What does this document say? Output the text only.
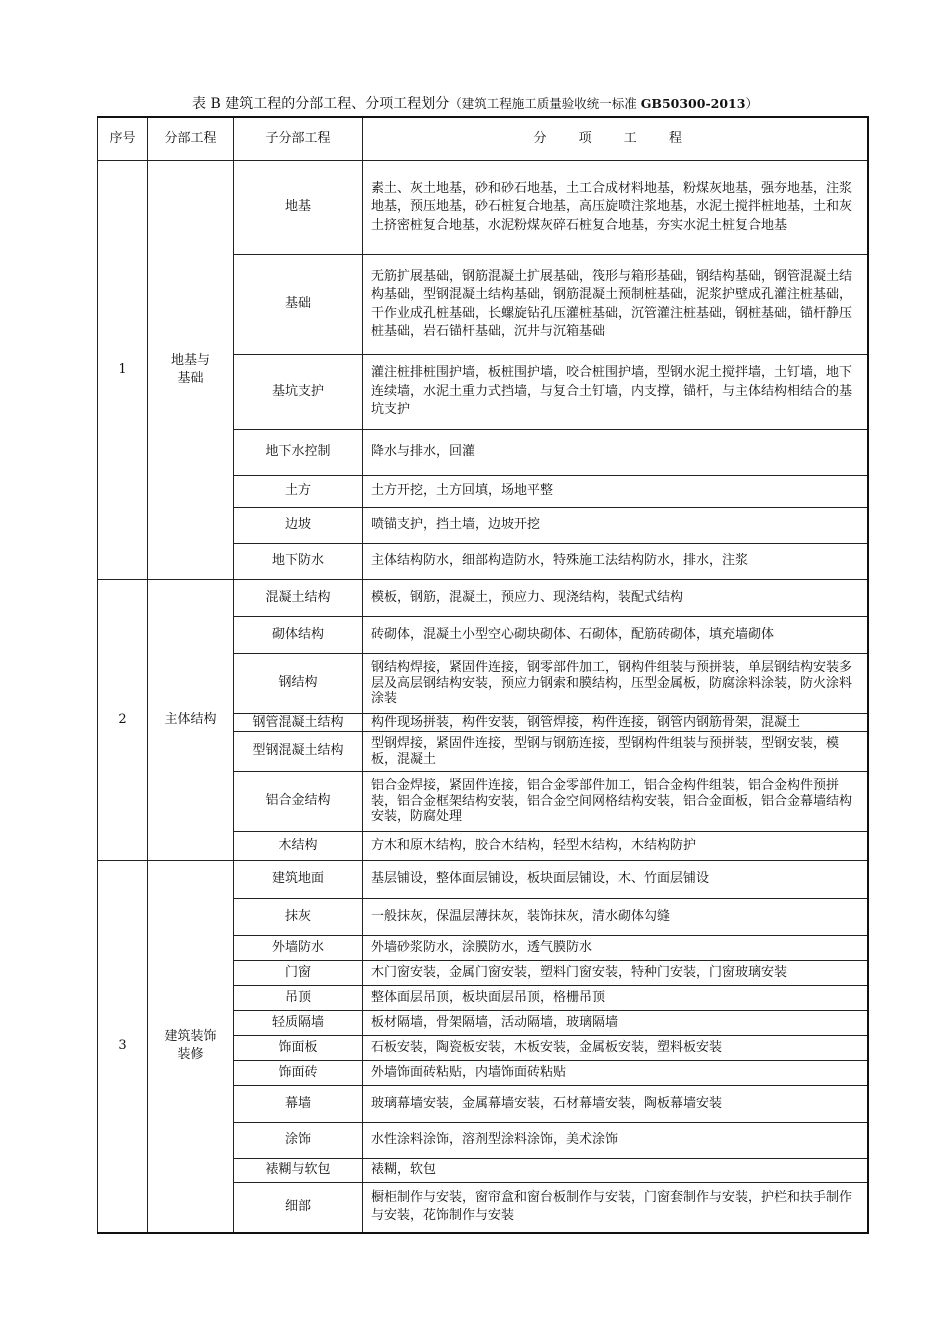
表 B 建筑工程的分部工程、分项工程划分（建筑工程施工质量验收统一标准 GB50300-2013）
序号	分部工程	子分部工程	分 项 工 程
1	地基与基础	地基	素土、灰土地基，砂和砂石地基，土工合成材料地基，粉煤灰地基，强夯地基，注浆地基，预压地基，砂石桩复合地基，高压旋喷注浆地基，水泥土搅拌桩地基，土和灰土挤密桩复合地基，水泥粉煤灰碎石桩复合地基，夯实水泥土桩复合地基
		基础	无筋扩展基础，钢筋混凝土扩展基础，筏形与箱形基础，钢结构基础，钢管混凝土结构基础，型钢混凝土结构基础，钢筋混凝土预制桩基础，泥浆护壁成孔灌注桩基础，干作业成孔桩基础，长螺旋钻孔压灌桩基础，沉管灌注桩基础，钢桩基础，锚杆静压桩基础，岩石锚杆基础，沉井与沉箱基础
		基坑支护	灌注桩排桩围护墙，板桩围护墙，咬合桩围护墙，型钢水泥土搅拌墙，土钉墙，地下连续墙，水泥土重力式挡墙，与复合土钉墙，内支撑，锚杆，与主体结构相结合的基坑支护
		地下水控制	降水与排水，回灌
		土方	土方开挖，土方回填，场地平整
		边坡	喷锚支护，挡土墙，边坡开挖
		地下防水	主体结构防水，细部构造防水，特殊施工法结构防水，排水，注浆
2	主体结构	混凝土结构	模板，钢筋，混凝土，预应力、现浇结构，装配式结构
		砌体结构	砖砌体，混凝土小型空心砌块砌体、石砌体，配筋砖砌体，填充墙砌体
		钢结构	钢结构焊接，紧固件连接，钢零部件加工，钢构件组装与预拼装，单层钢结构安装多层及高层钢结构安装，预应力钢索和膜结构，压型金属板，防腐涂料涂装，防火涂料涂装
		钢管混凝土结构	构件现场拼装，构件安装，钢管焊接，构件连接，钢管内钢筋骨架，混凝土
		型钢混凝土结构	型钢焊接，紧固件连接，型钢与钢筋连接，型钢构件组装与预拼装，型钢安装，模板，混凝土
		铝合金结构	铝合金焊接，紧固件连接，铝合金零部件加工，铝合金构件组装，铝合金构件预拼装，铝合金框架结构安装，铝合金空间网格结构安装，铝合金面板，铝合金幕墙结构安装，防腐处理
		木结构	方木和原木结构，胶合木结构，轻型木结构，木结构防护
3	建筑装饰装修	建筑地面	基层铺设，整体面层铺设，板块面层铺设，木、竹面层铺设
		抹灰	一般抹灰，保温层薄抹灰，装饰抹灰，清水砌体勾缝
		外墙防水	外墙砂浆防水，涂膜防水，透气膜防水
		门窗	木门窗安装，金属门窗安装，塑料门窗安装，特种门安装，门窗玻璃安装
		吊顶	整体面层吊顶，板块面层吊顶，格栅吊顶
		轻质隔墙	板材隔墙，骨架隔墙，活动隔墙，玻璃隔墙
		饰面板	石板安装，陶瓷板安装，木板安装，金属板安装，塑料板安装
		饰面砖	外墙饰面砖粘贴，内墙饰面砖粘贴
		幕墙	玻璃幕墙安装，金属幕墙安装，石材幕墙安装，陶板幕墙安装
		涂饰	水性涂料涂饰，溶剂型涂料涂饰，美术涂饰
		裱糊与软包	裱糊，软包
		细部	橱柜制作与安装，窗帘盒和窗台板制作与安装，门窗套制作与安装，护栏和扶手制作与安装，花饰制作与安装
